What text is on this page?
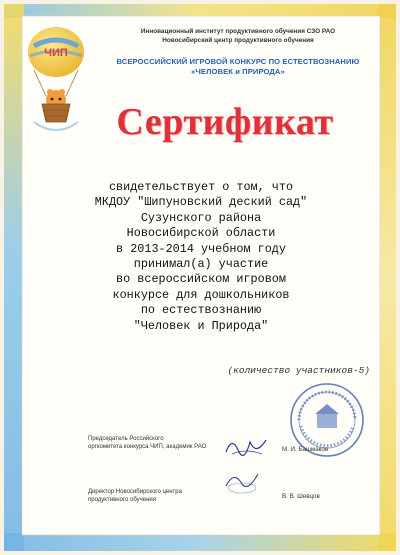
ЧИП
Инновационный институт продуктивного обучения СЗО РАО
Новосибирский центр продуктивного обучения
ВСЕРОССИЙСКИЙ ИГРОВОЙ КОНКУРС ПО ЕСТЕСТВОЗНАНИЮ
«ЧЕЛОВЕК и ПРИРОДА»
Сертификат
свидетельствует о том, что
МКДОУ "Шипуновский деский сад"
Сузунского района
Новосибирской области
в 2013-2014 учебном году
принимал(а) участие
во всероссийском игровом
конкурсе для дошкольников
по естествознанию
"Человек и Природа"
(количество участников-5)
Председатель Российского
оргкомитета конкурса ЧИП, академик РАО	М. И. Башмаков
Директор Новосибирского центра
продуктивного обучения	В. В. Шевцов
